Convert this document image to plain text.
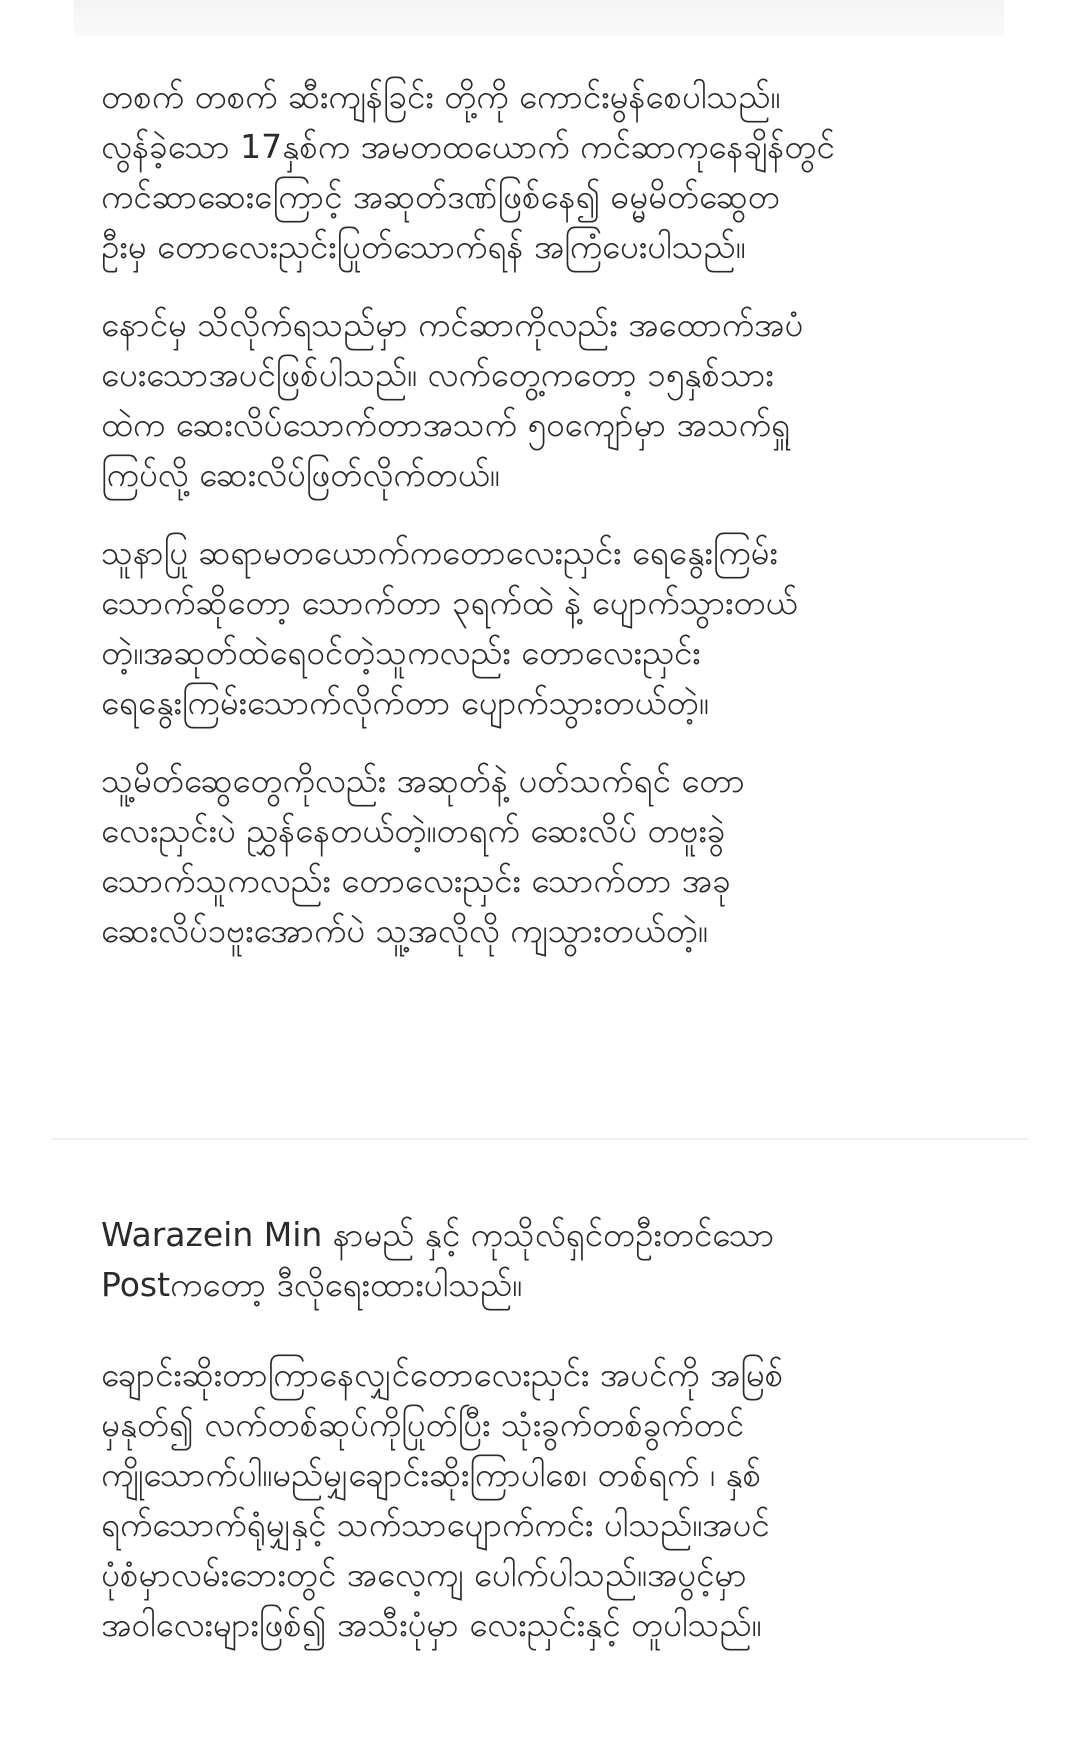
တစက် တစက် ဆီးကျန်ခြင်း တို့ကို ကောင်းမွန်စေပါသည်။
လွန်ခဲ့သော 17နှစ်က အမတထယောက် ကင်ဆာကုနေချိန်တွင်
ကင်ဆာဆေးကြောင့် အဆုတ်ဒဏ်ဖြစ်နေ၍ ဓမ္မမိတ်ဆွေတ
ဦးမှ တောလေးညှင်းပြုတ်သောက်ရန် အကြံပေးပါသည်။

နောင်မှ သိလိုက်ရသည်မှာ ကင်ဆာကိုလည်း အထောက်အပံ
ပေးသောအပင်ဖြစ်ပါသည်။ လက်တွေ့ကတော့ ၁၅နှစ်သား
ထဲက ဆေးလိပ်သောက်တာအသက် ၅၀ကျော်မှာ အသက်ရှူ
ကြပ်လို့ ဆေးလိပ်ဖြတ်လိုက်တယ်။

သူနာပြု ဆရာမတယောက်ကတောလေးညှင်း ရေနွေးကြမ်း
သောက်ဆိုတော့ သောက်တာ ၃ရက်ထဲ နဲ့ ပျောက်သွားတယ်
တဲ့။အဆုတ်ထဲရေဝင်တဲ့သူကလည်း တောလေးညှင်း
ရေနွေးကြမ်းသောက်လိုက်တာ ပျောက်သွားတယ်တဲ့။

သူ့မိတ်ဆွေတွေကိုလည်း အဆုတ်နဲ့ ပတ်သက်ရင် တော
လေးညှင်းပဲ ညွှန်နေတယ်တဲ့။တရက် ဆေးလိပ် တဗူးခွဲ
သောက်သူကလည်း တောလေးညှင်း သောက်တာ အခု
ဆေးလိပ်၁ဗူးအောက်ပဲ သူ့အလိုလို ကျသွားတယ်တဲ့။

Warazein Min နာမည် နှင့် ကုသိုလ်ရှင်တဦးတင်သော
Postကတော့ ဒီလိုရေးထားပါသည်။

ချောင်းဆိုးတာကြာနေလျှင်တောလေးညှင်း အပင်ကို အမြစ်
မှနုတ်၍ လက်တစ်ဆုပ်ကိုပြုတ်ပြီး သုံးခွက်တစ်ခွက်တင်
ကျိုသောက်ပါ။မည်မျှချောင်းဆိုးကြာပါစေ၊ တစ်ရက် ၊ နှစ်
ရက်သောက်ရုံမျှနှင့် သက်သာပျောက်ကင်း ပါသည်။အပင်
ပုံစံမှာလမ်းဘေးတွင် အလေ့ကျ ပေါက်ပါသည်။အပွင့်မှာ
အဝါလေးများဖြစ်၍ အသီးပုံမှာ လေးညှင်းနှင့် တူပါသည်။
